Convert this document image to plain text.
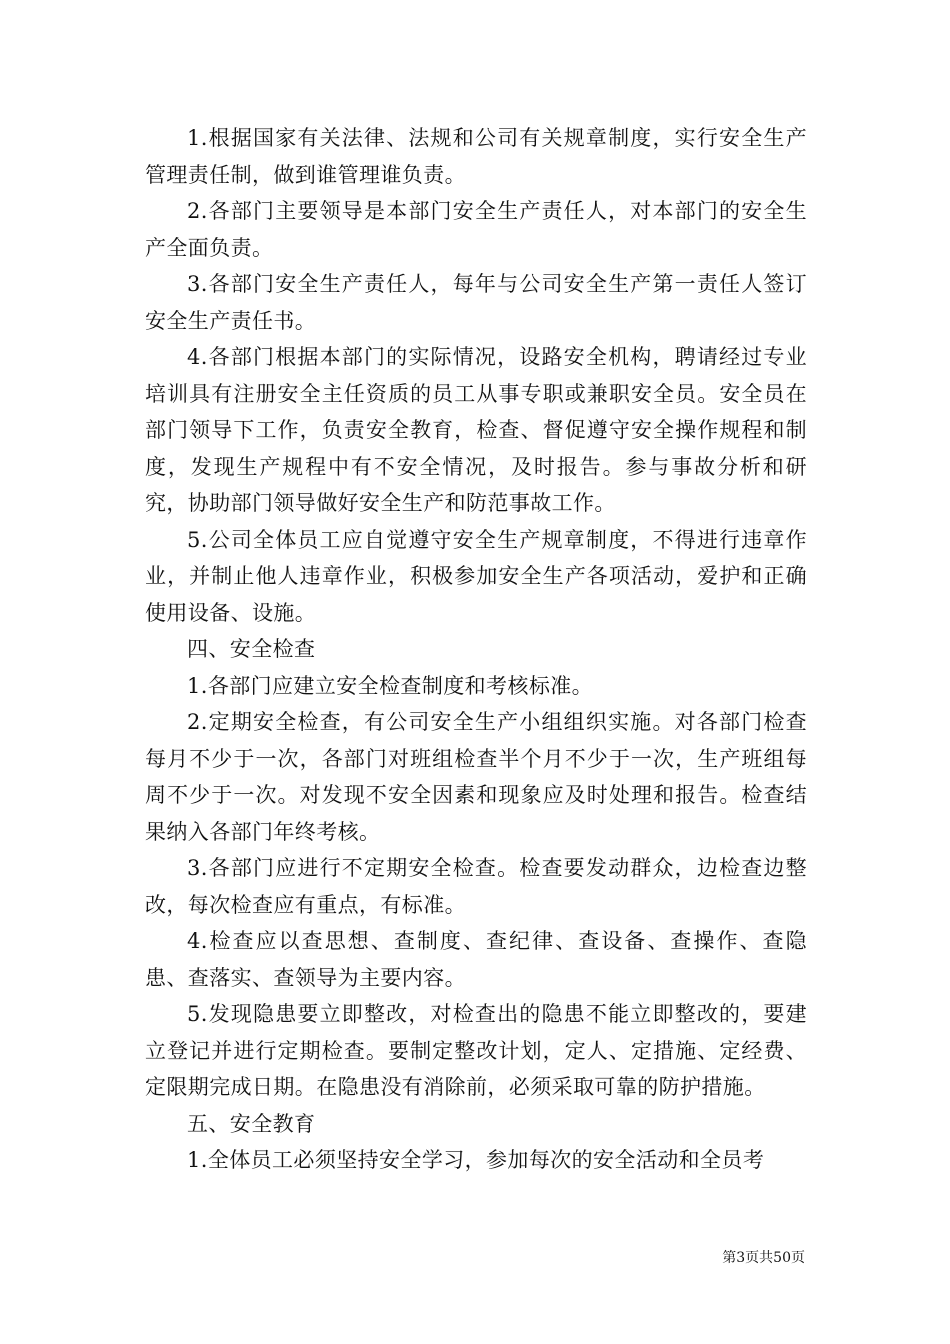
1.根据国家有关法律、法规和公司有关规章制度，实行安全生产管理责任制，做到谁管理谁负责。

2.各部门主要领导是本部门安全生产责任人，对本部门的安全生产全面负责。

3.各部门安全生产责任人，每年与公司安全生产第一责任人签订安全生产责任书。

4.各部门根据本部门的实际情况，设路安全机构，聘请经过专业培训具有注册安全主任资质的员工从事专职或兼职安全员。安全员在部门领导下工作，负责安全教育，检查、督促遵守安全操作规程和制度，发现生产规程中有不安全情况，及时报告。参与事故分析和研究，协助部门领导做好安全生产和防范事故工作。

5.公司全体员工应自觉遵守安全生产规章制度，不得进行违章作业，并制止他人违章作业，积极参加安全生产各项活动，爱护和正确使用设备、设施。

四、安全检查

1.各部门应建立安全检查制度和考核标准。

2.定期安全检查，有公司安全生产小组组织实施。对各部门检查每月不少于一次，各部门对班组检查半个月不少于一次，生产班组每周不少于一次。对发现不安全因素和现象应及时处理和报告。检查结果纳入各部门年终考核。

3.各部门应进行不定期安全检查。检查要发动群众，边检查边整改，每次检查应有重点，有标准。

4.检查应以查思想、查制度、查纪律、查设备、查操作、查隐患、查落实、查领导为主要内容。

5.发现隐患要立即整改，对检查出的隐患不能立即整改的，要建立登记并进行定期检查。要制定整改计划，定人、定措施、定经费、定限期完成日期。在隐患没有消除前，必须采取可靠的防护措施。

五、安全教育

1.全体员工必须坚持安全学习，参加每次的安全活动和全员考

第3页共50页
